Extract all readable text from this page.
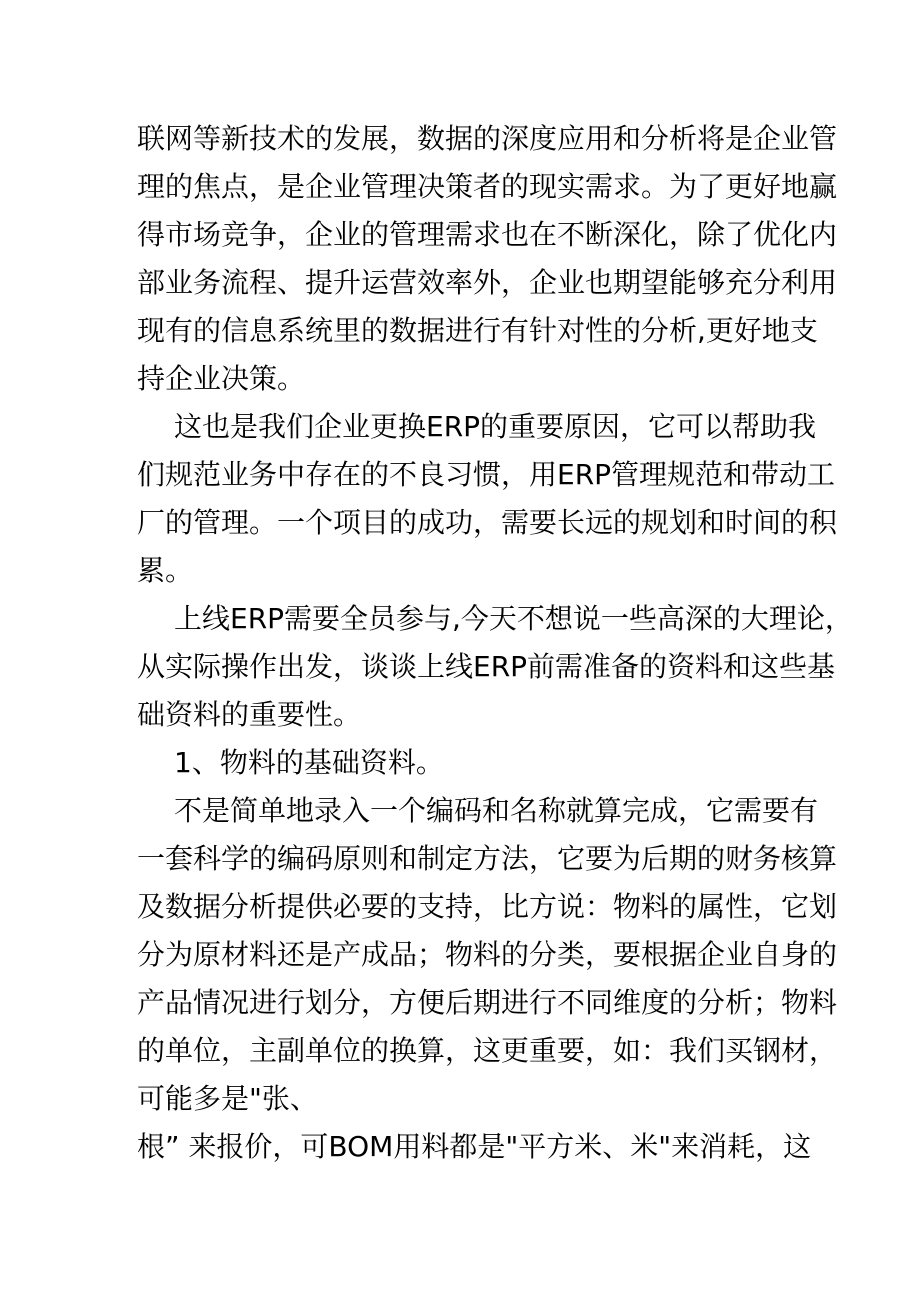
联网等新技术的发展，数据的深度应用和分析将是企业管
理的焦点，是企业管理决策者的现实需求。为了更好地赢
得市场竞争，企业的管理需求也在不断深化，除了优化内
部业务流程、提升运营效率外，企业也期望能够充分利用
现有的信息系统里的数据进行有针对性的分析,更好地支
持企业决策。
这也是我们企业更换ERP的重要原因，它可以帮助我
们规范业务中存在的不良习惯，用ERP管理规范和带动工
厂的管理。一个项目的成功，需要长远的规划和时间的积
累。
上线ERP需要全员参与,今天不想说一些高深的大理论，
从实际操作出发，谈谈上线ERP前需准备的资料和这些基
础资料的重要性。
1、物料的基础资料。
不是简单地录入一个编码和名称就算完成，它需要有
一套科学的编码原则和制定方法，它要为后期的财务核算
及数据分析提供必要的支持，比方说：物料的属性，它划
分为原材料还是产成品；物料的分类，要根据企业自身的
产品情况进行划分，方便后期进行不同维度的分析；物料
的单位，主副单位的换算，这更重要，如：我们买钢材，
可能多是"张、
根” 来报价，可BOM用料都是"平方米、米"来消耗，这
